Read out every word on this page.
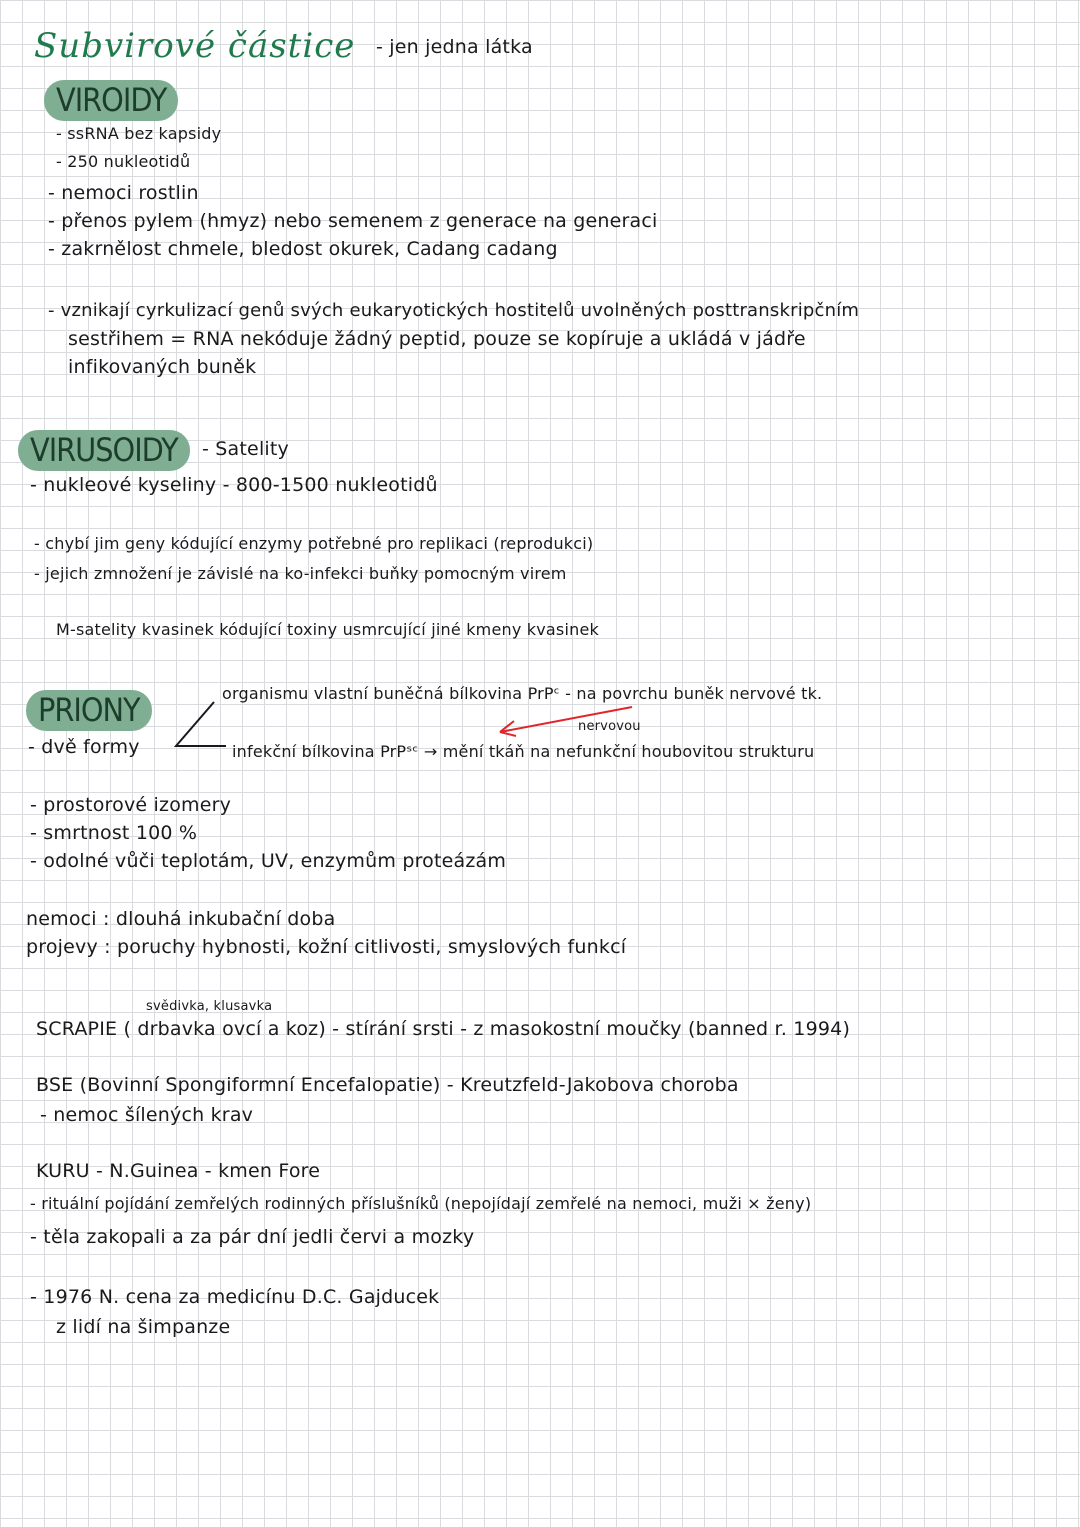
Subvirové částice - jen jedna látka
VIROIDY
- ssRNA bez kapsidy
- 250 nukleotidů
- nemoci rostlin
- přenos pylem (hmyz) nebo semenem z generace na generaci
- zakrnělost chmele, bledost okurek, Cadang cadang
- vznikají cyrkulizací genů svých eukaryotických hostitelů uvolněných posttranskripčním
sestřihem = RNA nekóduje žádný peptid, pouze se kopíruje a ukládá v jádře
infikovaných buněk
VIRUSOIDY	- Satelity
- nukleové kyseliny - 800-1500 nukleotidů
- chybí jim geny kódující enzymy potřebné pro replikaci (reprodukci)
- jejich zmnožení je závislé na ko-infekci buňky pomocným virem
M-satelity kvasinek kódující toxiny usmrcující jiné kmeny kvasinek
PRIONY
- dvě formy
organismu vlastní buněčná bílkovina PrPᶜ - na povrchu buněk nervové tk.
nervovou
infekční bílkovina PrPˢᶜ → mění tkáň na nefunkční houbovitou strukturu
- prostorové izomery
- smrtnost 100 %
- odolné vůči teplotám, UV, enzymům proteázám
nemoci : dlouhá inkubační doba
projevy : poruchy hybnosti, kožní citlivosti, smyslových funkcí
svědivka, klusavka
SCRAPIE ( drbavka ovcí a koz) - stírání srsti - z masokostní moučky (banned r. 1994)
BSE (Bovinní Spongiformní Encefalopatie) - Kreutzfeld-Jakobova choroba
- nemoc šílených krav
KURU - N.Guinea - kmen Fore
- rituální pojídání zemřelých rodinných příslušníků (nepojídají zemřelé na nemoci, muži × ženy)
- těla zakopali a za pár dní jedli červi a mozky
- 1976 N. cena za medicínu D.C. Gajducek
z lidí na šimpanze
